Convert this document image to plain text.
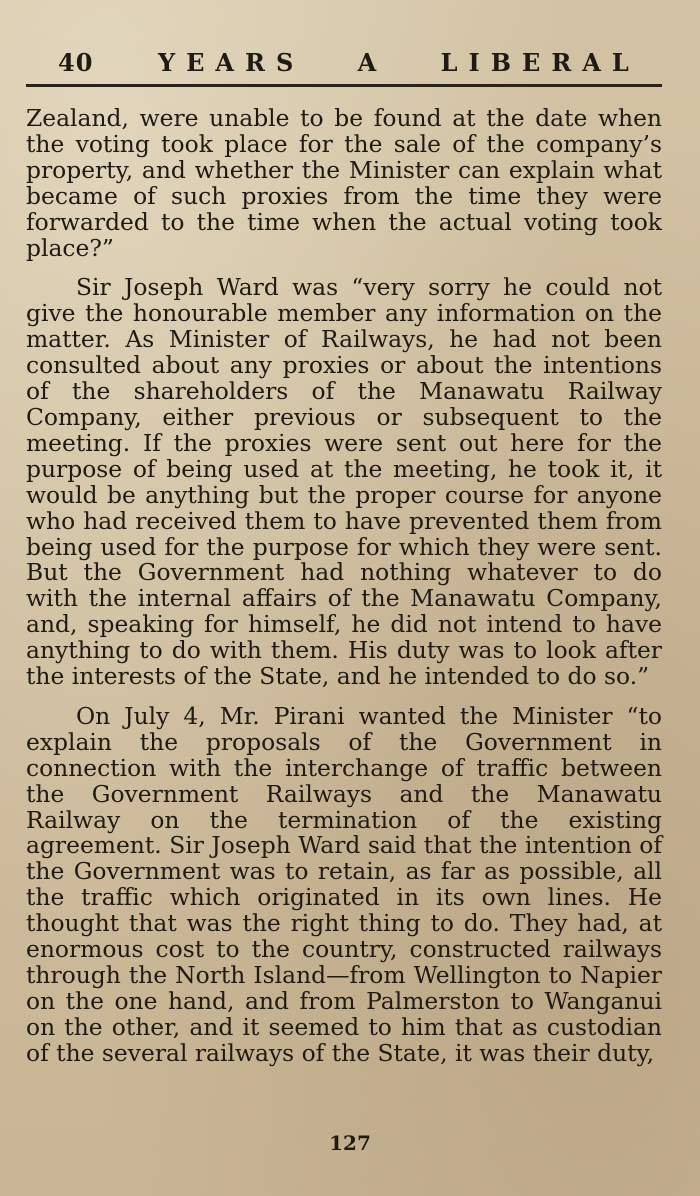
40	YEARS A LIBERAL

Zealand, were unable to be found at the date when the voting took place for the sale of the company’s property, and whether the Minister can explain what became of such proxies from the time they were forwarded to the time when the actual voting took place?”

Sir Joseph Ward was “very sorry he could not give the honourable member any information on the matter. As Minister of Railways, he had not been consulted about any proxies or about the intentions of the shareholders of the Manawatu Railway Company, either previous or subsequent to the meeting. If the proxies were sent out here for the purpose of being used at the meeting, he took it, it would be anything but the proper course for anyone who had received them to have prevented them from being used for the purpose for which they were sent. But the Government had nothing whatever to do with the internal affairs of the Manawatu Company, and, speaking for himself, he did not intend to have anything to do with them. His duty was to look after the interests of the State, and he intended to do so.”

On July 4, Mr. Pirani wanted the Minister “to explain the proposals of the Government in connection with the interchange of traffic between the Government Railways and the Manawatu Railway on the termination of the existing agreement. Sir Joseph Ward said that the intention of the Government was to retain, as far as possible, all the traffic which originated in its own lines. He thought that was the right thing to do. They had, at enormous cost to the country, constructed railways through the North Island—from Wellington to Napier on the one hand, and from Palmerston to Wanganui on the other, and it seemed to him that as custodian of the several railways of the State, it was their duty,

127
